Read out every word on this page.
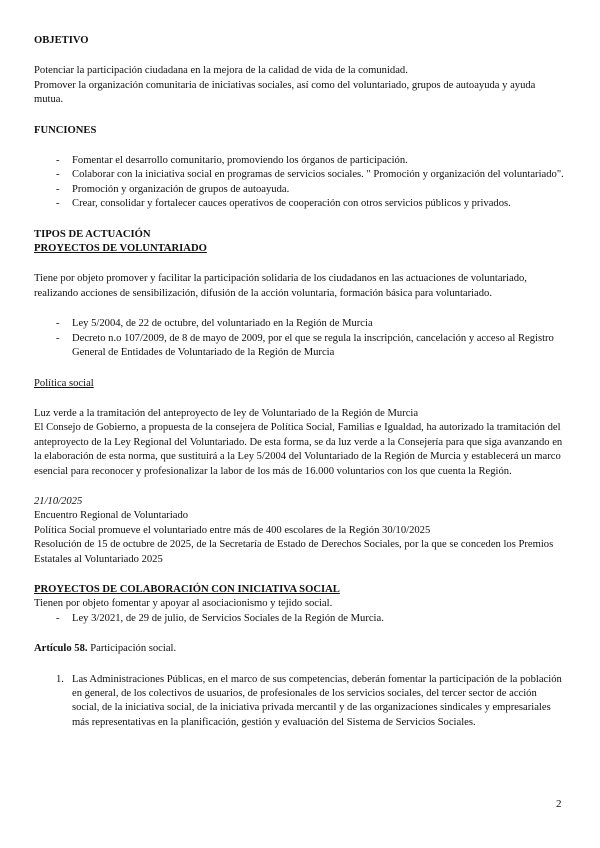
OBJETIVO

Potenciar la participación ciudadana en la mejora de la calidad de vida de la comunidad.

Promover la organización comunitaria de iniciativas sociales, así como del voluntariado, grupos de autoayuda y ayuda mutua.

FUNCIONES

- Fomentar el desarrollo comunitario, promoviendo los órganos de participación.
- Colaborar con la iniciativa social en programas de servicios sociales. " Promoción y organización del voluntariado".
- Promoción y organización de grupos de autoayuda.
- Crear, consolidar y fortalecer cauces operativos de cooperación con otros servicios públicos y privados.

TIPOS DE ACTUACIÓN

PROYECTOS DE VOLUNTARIADO

Tiene por objeto promover y facilitar la participación solidaria de los ciudadanos en las actuaciones de voluntariado, realizando acciones de sensibilización, difusión de la acción voluntaria, formación básica para voluntariado.

- Ley 5/2004, de 22 de octubre, del voluntariado en la Región de Murcia
- Decreto n.o 107/2009, de 8 de mayo de 2009, por el que se regula la inscripción, cancelación y acceso al Registro General de Entidades de Voluntariado de la Región de Murcia

Política social

Luz verde a la tramitación del anteproyecto de ley de Voluntariado de la Región de Murcia

El Consejo de Gobierno, a propuesta de la consejera de Política Social, Familias e Igualdad, ha autorizado la tramitación del anteproyecto de la Ley Regional del Voluntariado. De esta forma, se da luz verde a la Consejería para que siga avanzando en la elaboración de esta norma, que sustituirá a la Ley 5/2004 del Voluntariado de la Región de Murcia y establecerá un marco esencial para reconocer y profesionalizar la labor de los más de 16.000 voluntarios con los que cuenta la Región.

21/10/2025

Encuentro Regional de Voluntariado

Política Social promueve el voluntariado entre más de 400 escolares de la Región 30/10/2025

Resolución de 15 de octubre de 2025, de la Secretaría de Estado de Derechos Sociales, por la que se conceden los Premios Estatales al Voluntariado 2025

PROYECTOS DE COLABORACIÓN CON INICIATIVA SOCIAL

Tienen por objeto fomentar y apoyar al asociacionismo y tejido social.

- Ley 3/2021, de 29 de julio, de Servicios Sociales de la Región de Murcia.

Artículo 58. Participación social.

1. Las Administraciones Públicas, en el marco de sus competencias, deberán fomentar la participación de la población en general, de los colectivos de usuarios, de profesionales de los servicios sociales, del tercer sector de acción social, de la iniciativa social, de la iniciativa privada mercantil y de las organizaciones sindicales y empresariales más representativas en la planificación, gestión y evaluación del Sistema de Servicios Sociales.
2
